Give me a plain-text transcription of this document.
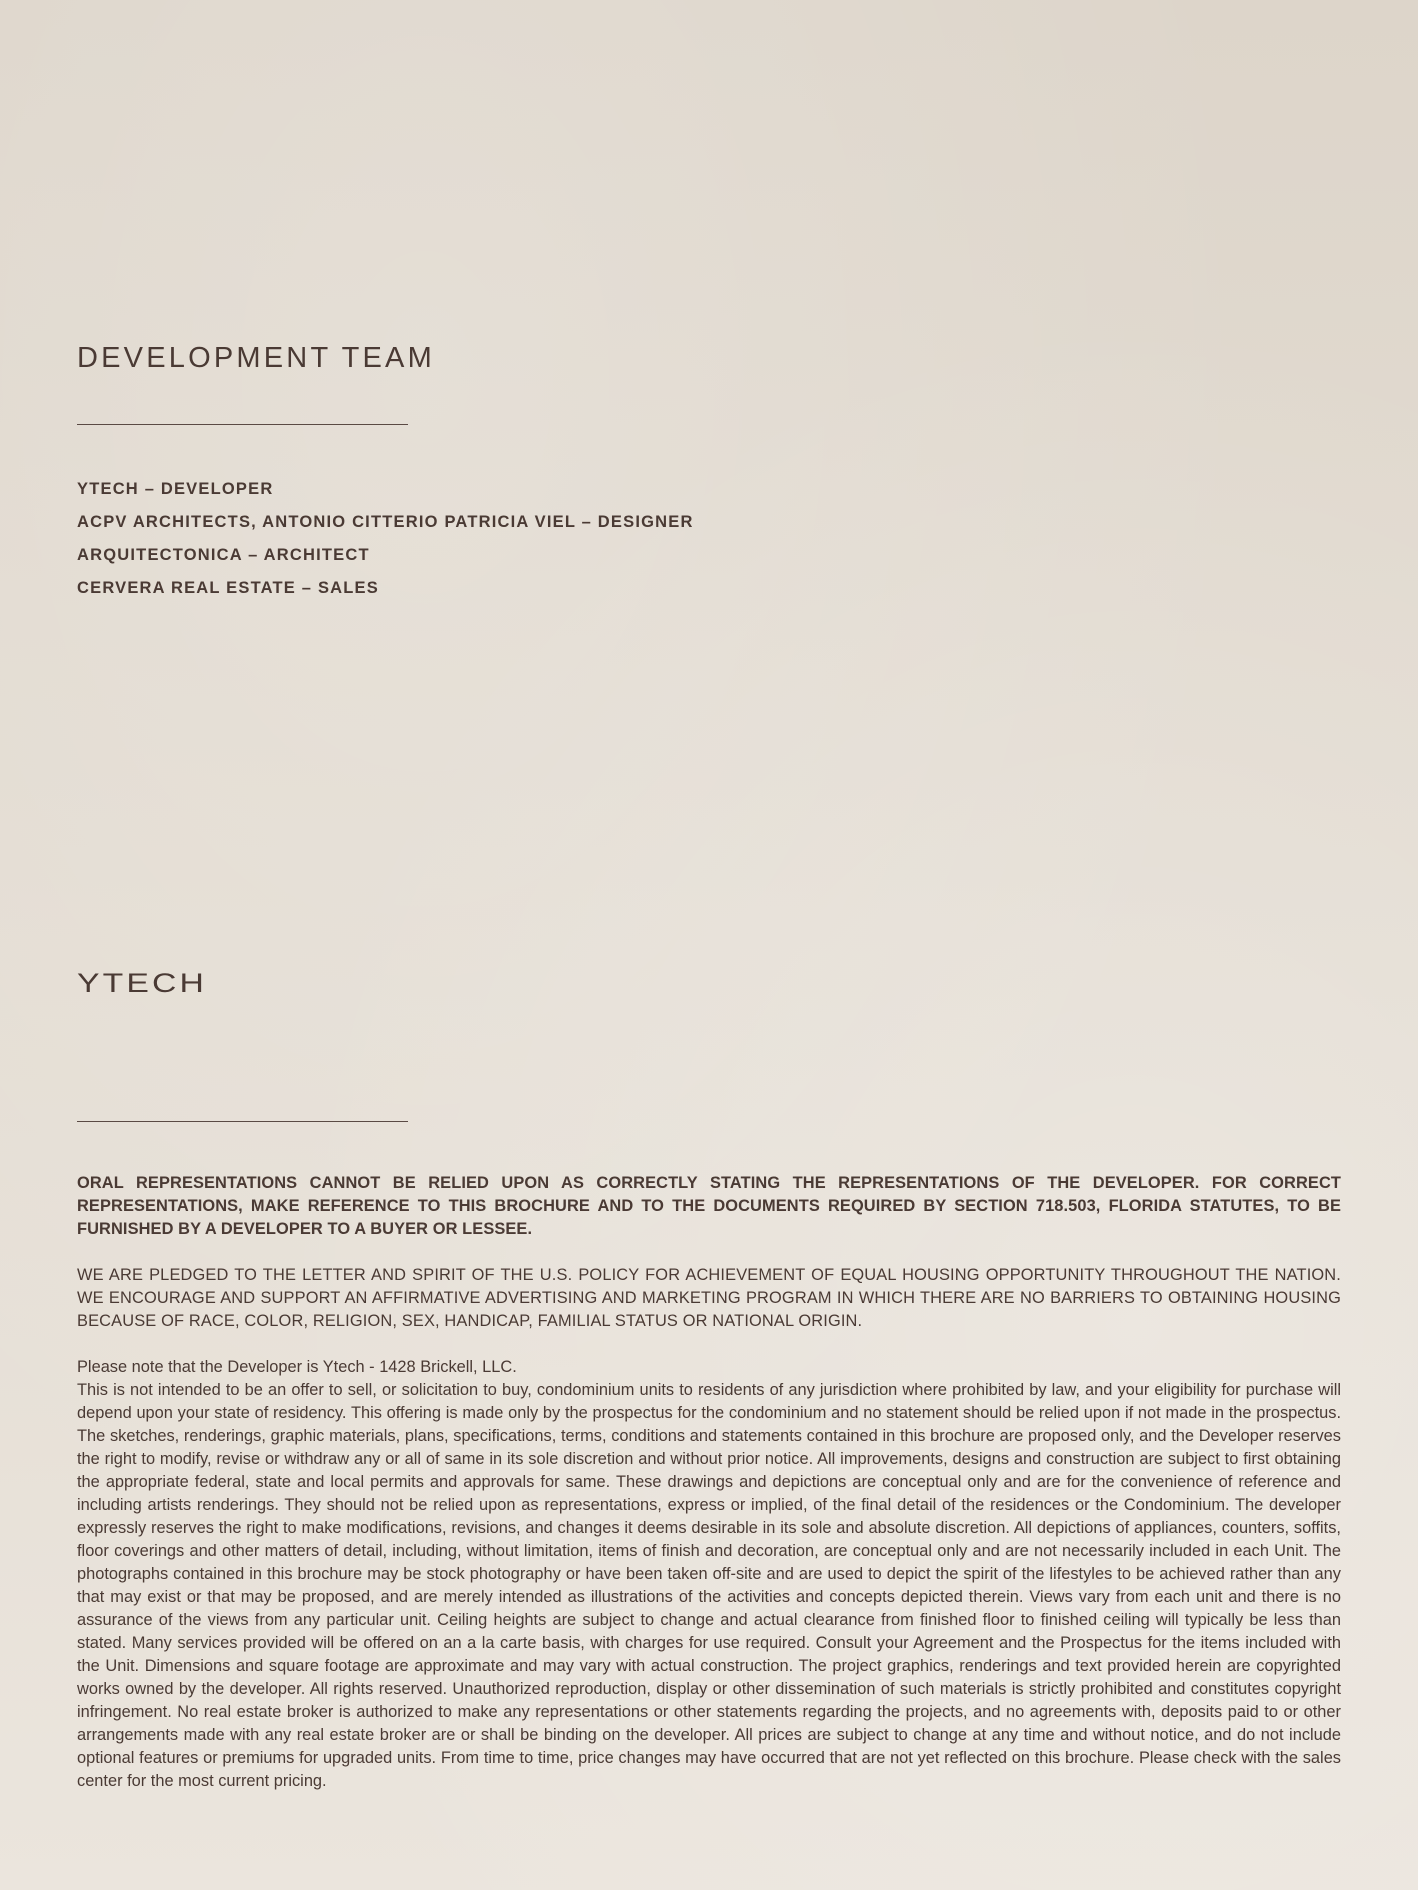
DEVELOPMENT TEAM
YTECH – DEVELOPER
ACPV ARCHITECTS, ANTONIO CITTERIO PATRICIA VIEL – DESIGNER
ARQUITECTONICA – ARCHITECT
CERVERA REAL ESTATE – SALES
YTECH

ORAL REPRESENTATIONS CANNOT BE RELIED UPON AS CORRECTLY STATING THE REPRESENTATIONS OF THE DEVELOPER. FOR CORRECT REPRESENTATIONS, MAKE REFERENCE TO THIS BROCHURE AND TO THE DOCUMENTS REQUIRED BY SECTION 718.503, FLORIDA STATUTES, TO BE FURNISHED BY A DEVELOPER TO A BUYER OR LESSEE.

WE ARE PLEDGED TO THE LETTER AND SPIRIT OF THE U.S. POLICY FOR ACHIEVEMENT OF EQUAL HOUSING OPPORTUNITY THROUGHOUT THE NATION. WE ENCOURAGE AND SUPPORT AN AFFIRMATIVE ADVERTISING AND MARKETING PROGRAM IN WHICH THERE ARE NO BARRIERS TO OBTAINING HOUSING BECAUSE OF RACE, COLOR, RELIGION, SEX, HANDICAP, FAMILIAL STATUS OR NATIONAL ORIGIN.

Please note that the Developer is Ytech - 1428 Brickell, LLC.

This is not intended to be an offer to sell, or solicitation to buy, condominium units to residents of any jurisdiction where prohibited by law, and your eligibility for purchase will depend upon your state of residency. This offering is made only by the prospectus for the condominium and no statement should be relied upon if not made in the prospectus. The sketches, renderings, graphic materials, plans, specifications, terms, conditions and statements contained in this brochure are proposed only, and the Developer reserves the right to modify, revise or withdraw any or all of same in its sole discretion and without prior notice. All improvements, designs and construction are subject to first obtaining the appropriate federal, state and local permits and approvals for same. These drawings and depictions are conceptual only and are for the convenience of reference and including artists renderings. They should not be relied upon as representations, express or implied, of the final detail of the residences or the Condominium. The developer expressly reserves the right to make modifications, revisions, and changes it deems desirable in its sole and absolute discretion. All depictions of appliances, counters, soffits, floor coverings and other matters of detail, including, without limitation, items of finish and decoration, are conceptual only and are not necessarily included in each Unit. The photographs contained in this brochure may be stock photography or have been taken off-site and are used to depict the spirit of the lifestyles to be achieved rather than any that may exist or that may be proposed, and are merely intended as illustrations of the activities and concepts depicted therein. Views vary from each unit and there is no assurance of the views from any particular unit. Ceiling heights are subject to change and actual clearance from finished floor to finished ceiling will typically be less than stated. Many services provided will be offered on an a la carte basis, with charges for use required. Consult your Agreement and the Prospectus for the items included with the Unit. Dimensions and square footage are approximate and may vary with actual construction. The project graphics, renderings and text provided herein are copyrighted works owned by the developer. All rights reserved. Unauthorized reproduction, display or other dissemination of such materials is strictly prohibited and constitutes copyright infringement. No real estate broker is authorized to make any representations or other statements regarding the projects, and no agreements with, deposits paid to or other arrangements made with any real estate broker are or shall be binding on the developer. All prices are subject to change at any time and without notice, and do not include optional features or premiums for upgraded units. From time to time, price changes may have occurred that are not yet reflected on this brochure. Please check with the sales center for the most current pricing.
